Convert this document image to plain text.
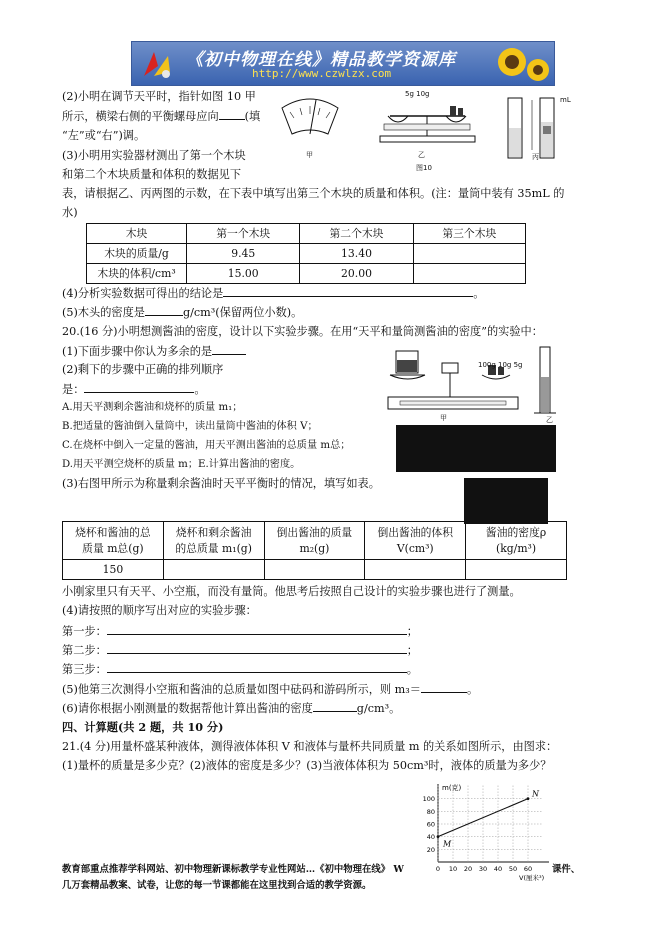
《初中物理在线》精品教学资源库
http://www.czwlzx.com
(2)小明在调节天平时，指针如图 10 甲
所示，横梁右侧的平衡螺母应向 (填
“左”或“右”)调。
5g 10g
mL
甲	乙	丙
图10
(3)小明用实验器材测出了第一个木块
和第二个木块质量和体积的数据见下
表，请根据乙、丙两图的示数，在下表中填写出第三个木块的质量和体积。(注：量筒中装有 35mL 的
水)
木块	第一个木块	第二个木块	第三个木块
木块的质量/g	9.45	13.40	
木块的体积/cm³	15.00	20.00	
(4)分析实验数据可得出的结论是	。
(5)木头的密度是	g/cm³(保留两位小数)。
20.(16 分)小明想测酱油的密度，设计以下实验步骤。在用“天平和量筒测酱油的密度”的实验中：
(1)下面步骤中你认为多余的是
(2)剩下的步骤中正确的排列顺序
是：	。
A.用天平测剩余酱油和烧杯的质量 m₁；
B.把适量的酱油倒入量筒中，读出量筒中酱油的体积 V；
C.在烧杯中倒入一定量的酱油，用天平测出酱油的总质量 m总；
D.用天平测空烧杯的质量 m；E.计算出酱油的密度。
(3)右图甲所示为称量剩余酱油时天平平衡时的情况，填写如表。
100g 10g 5g
甲	乙
烧杯和酱油的总
质量 m总(g)	烧杯和剩余酱油
的总质量 m₁(g)	倒出酱油的质量
m₂(g)	倒出酱油的体积
V(cm³)	酱油的密度ρ
(kg/m³)
150				
小刚家里只有天平、小空瓶，而没有量筒。他思考后按照自己设计的实验步骤也进行了测量。
(4)请按照的顺序写出对应的实验步骤：
第一步：	；
第二步：	；
第三步：	。
(5)他第三次测得小空瓶和酱油的总质量如图中砝码和游码所示，则 m₃＝	。
(6)请你根据小刚测量的数据帮他计算出酱油的密度	g/cm³。
四、计算题(共 2 题，共 10 分)
21.(4 分)用量杯盛某种液体，测得液体体积 V 和液体与量杯共同质量 m 的关系如图所示，由图求：
(1)量杯的质量是多少克？(2)液体的密度是多少？(3)当液体体积为 50cm³时，液体的质量为多少？
m(克)
V(厘米³)
20
40
60
80
100
0 10 20 30 40 50 60
M
N
教育部重点推荐学科网站、初中物理新课标教学专业性网站…《初中物理在线》 W	课件、
几万套精品教案、试卷，让您的每一节课都能在这里找到合适的教学资源。
